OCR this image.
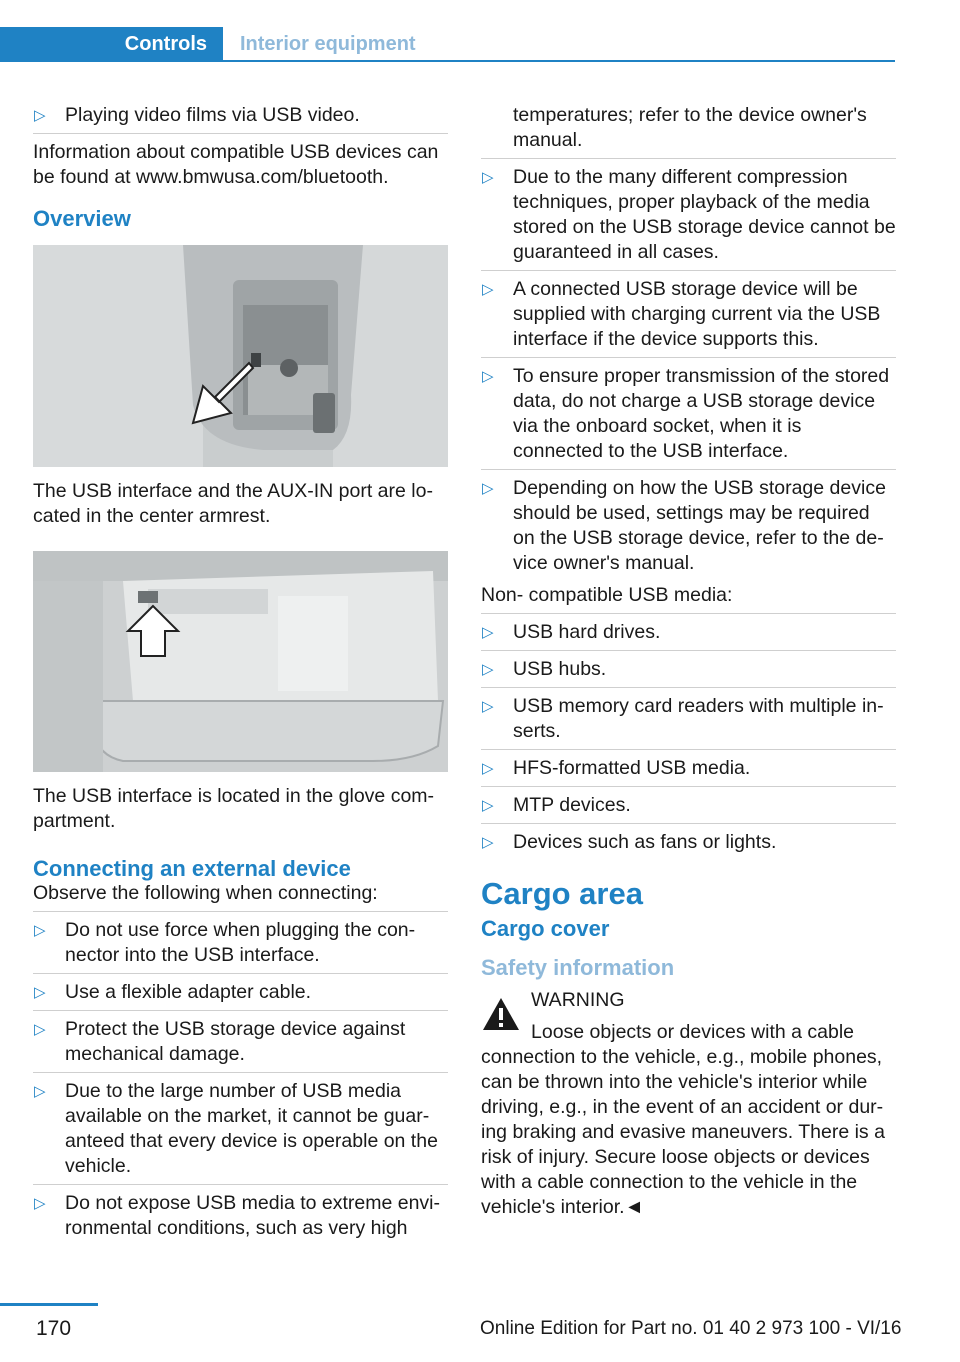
Controls	Interior equipment
▷ Playing video films via USB video.

Information about compatible USB devices can be found at www.bmwusa.com/bluetooth.

Overview

The USB interface and the AUX-IN port are lo- cated in the center armrest.

The USB interface is located in the glove com- partment.

Connecting an external device

Observe the following when connecting:

▷ Do not use force when plugging the con- nector into the USB interface.
▷ Use a flexible adapter cable.
▷ Protect the USB storage device against mechanical damage.
▷ Due to the large number of USB media available on the market, it cannot be guar- anteed that every device is operable on the vehicle.
▷ Do not expose USB media to extreme envi- ronmental conditions, such as very high

temperatures; refer to the device owner's manual.

▷ Due to the many different compression techniques, proper playback of the media stored on the USB storage device cannot be guaranteed in all cases.
▷ A connected USB storage device will be supplied with charging current via the USB interface if the device supports this.
▷ To ensure proper transmission of the stored data, do not charge a USB storage device via the onboard socket, when it is connected to the USB interface.
▷ Depending on how the USB storage device should be used, settings may be required on the USB storage device, refer to the de- vice owner's manual.

Non- compatible USB media:

▷ USB hard drives.
▷ USB hubs.
▷ USB memory card readers with multiple in- serts.
▷ HFS-formatted USB media.
▷ MTP devices.
▷ Devices such as fans or lights.
Cargo area
Cargo cover
Safety information

WARNING

Loose objects or devices with a cable connection to the vehicle, e.g., mobile phones, can be thrown into the vehicle's interior while driving, e.g., in the event of an accident or dur- ing braking and evasive maneuvers. There is a risk of injury. Secure loose objects or devices with a cable connection to the vehicle in the vehicle's interior.◄

170	Online Edition for Part no. 01 40 2 973 100 - VI/16
